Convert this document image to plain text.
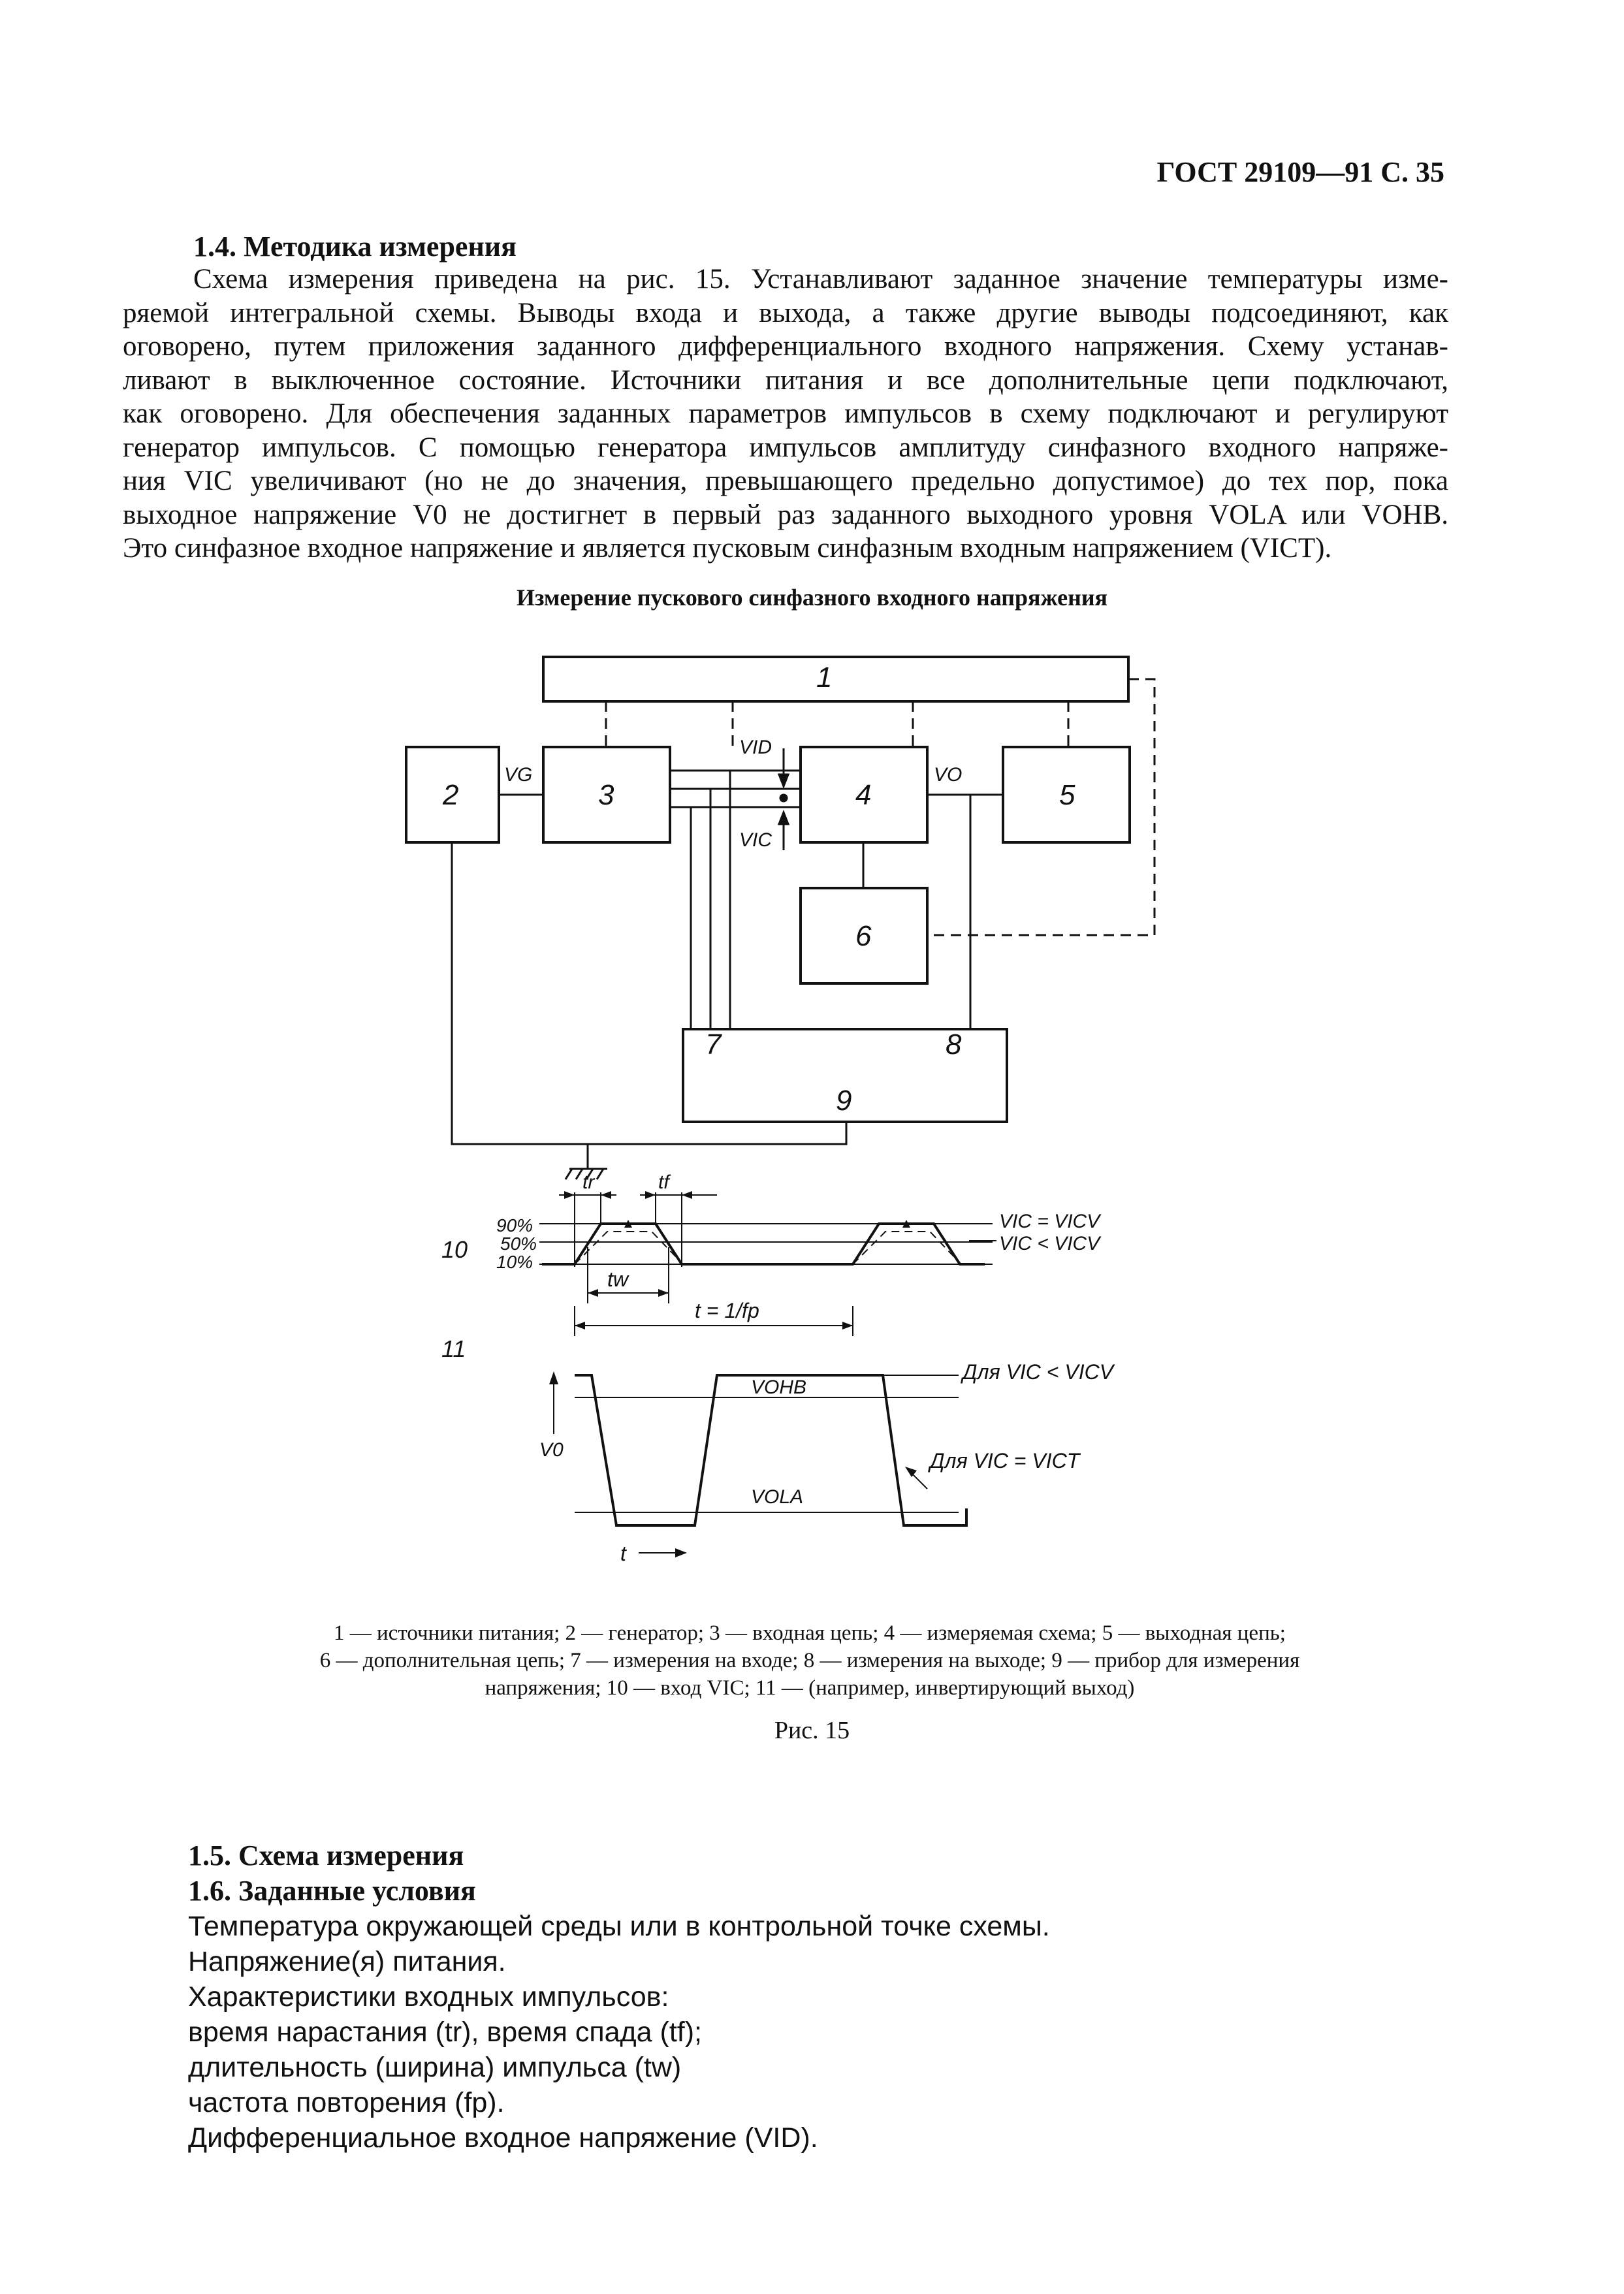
ГОСТ 29109—91 С. 35
1.4. Методика измерения
Схема измерения приведена на рис. 15. Устанавливают заданное значение температуры изме-
ряемой интегральной схемы. Выводы входа и выхода, а также другие выводы подсоединяют, как
оговорено, путем приложения заданного дифференциального входного напряжения. Схему устанав-
ливают в выключенное состояние. Источники питания и все дополнительные цепи подключают,
как оговорено. Для обеспечения заданных параметров импульсов в схему подключают и регулируют
генератор импульсов. С помощью генератора импульсов амплитуду синфазного входного напряже-
ния VIC увеличивают (но не до значения, превышающего предельно допустимое) до тех пор, пока
выходное напряжение V0 не достигнет в первый раз заданного выходного уровня VOLA или VOHB.
Это синфазное входное напряжение и является пусковым синфазным входным напряжением (VICT).
Измерение пускового синфазного входного напряжения
1
2	3	4	5
6
7	8
9
VG
VID
VIC
VO
tr	tf
90%
50%
10%
10
11
tw
t = 1/fp
VIC = VICV
VIC < VICV
VOHB
VOLA
V0
Для VIC < VICV
Для VIC = VICT
t
1 — источники питания; 2 — генератор; 3 — входная цепь; 4 — измеряемая схема; 5 — выходная цепь;
6 — дополнительная цепь; 7 — измерения на входе; 8 — измерения на выходе; 9 — прибор для измерения
напряжения; 10 — вход VIC; 11 — (например, инвертирующий выход)
Рис. 15
1.5. Схема измерения
1.6. Заданные условия
Температура окружающей среды или в контрольной точке схемы.
Напряжение(я) питания.
Характеристики входных импульсов:
время нарастания (tr), время спада (tf);
длительность (ширина) импульса (tw)
частота повторения (fp).
Дифференциальное входное напряжение (VID).
